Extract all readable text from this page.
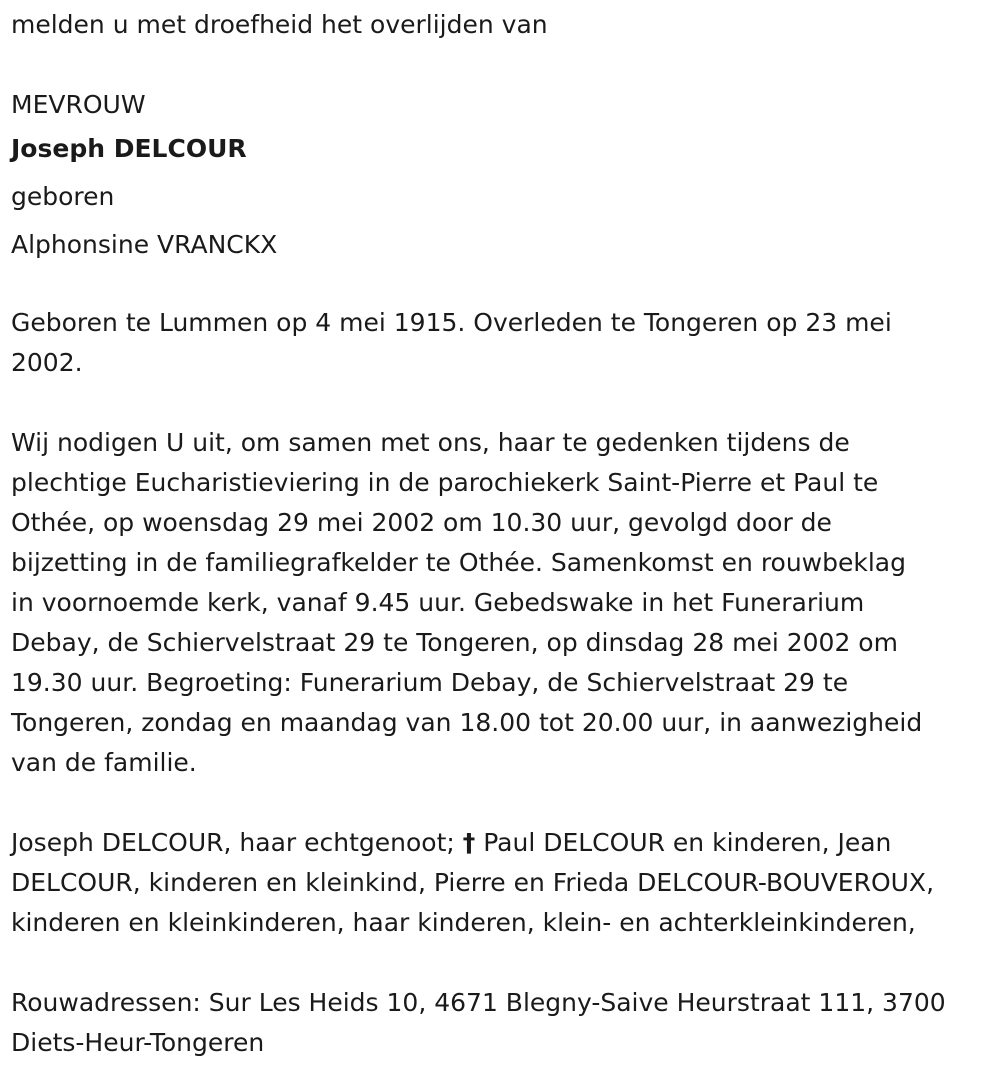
melden u met droefheid het overlijden van

MEVROUW

Joseph DELCOUR

geboren

Alphonsine VRANCKX

Geboren te Lummen op 4 mei 1915. Overleden te Tongeren op 23 mei

2002.

Wij nodigen U uit, om samen met ons, haar te gedenken tijdens de

plechtige Eucharistieviering in de parochiekerk Saint-Pierre et Paul te

Othée, op woensdag 29 mei 2002 om 10.30 uur, gevolgd door de

bijzetting in de familiegrafkelder te Othée. Samenkomst en rouwbeklag

in voornoemde kerk, vanaf 9.45 uur. Gebedswake in het Funerarium

Debay, de Schiervelstraat 29 te Tongeren, op dinsdag 28 mei 2002 om

19.30 uur. Begroeting: Funerarium Debay, de Schiervelstraat 29 te

Tongeren, zondag en maandag van 18.00 tot 20.00 uur, in aanwezigheid

van de familie.

Joseph DELCOUR, haar echtgenoot; † Paul DELCOUR en kinderen, Jean

DELCOUR, kinderen en kleinkind, Pierre en Frieda DELCOUR-BOUVEROUX,

kinderen en kleinkinderen, haar kinderen, klein- en achterkleinkinderen,

Rouwadressen: Sur Les Heids 10, 4671 Blegny-Saive Heurstraat 111, 3700

Diets-Heur-Tongeren
